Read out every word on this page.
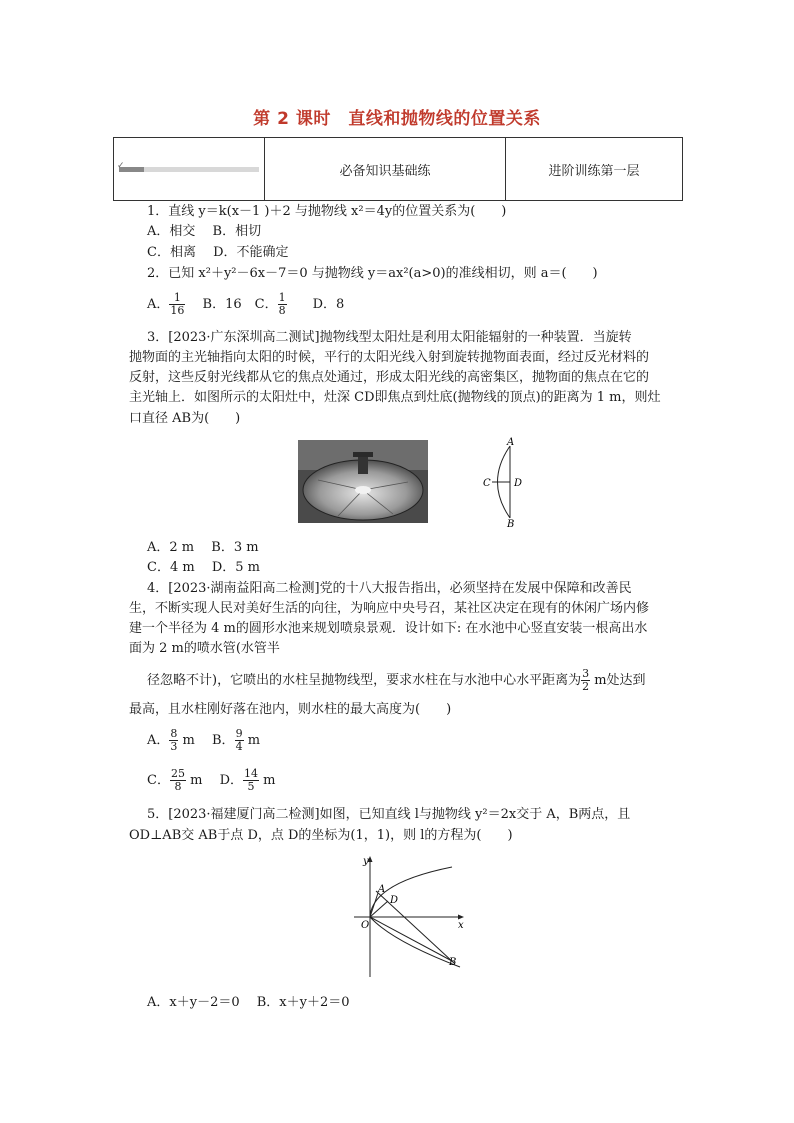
第 2 课时　直线和抛物线的位置关系
✓	必备知识基础练	进阶训练第一层
1．直线 y＝k(x－1 )＋2 与抛物线 x²＝4y的位置关系为(　　)
A．相交　 B．相切
C．相离　 D．不能确定
2．已知 x²＋y²－6x－7＝0 与抛物线 y＝ax²(a>0)的准线相切，则 a＝(　　)
A． $\frac{1}{16}$
　 B．16　 C． $\frac{1}{8}$
　　 D．8
3．[2023·广东深圳高二测试]抛物线型太阳灶是利用太阳能辐射的一种装置．当旋转
抛物面的主光轴指向太阳的时候，平行的太阳光线入射到旋转抛物面表面，经过反光材料的
反射，这些反射光线都从它的焦点处通过，形成太阳光线的高密集区，抛物面的焦点在它的
主光轴上．如图所示的太阳灶中，灶深 CD即焦点到灶底(抛物线的顶点)的距离为 1 m，则灶
口直径 AB为(　　)
A
B
C D
A．2 m　 B．3 m
C．4 m　 D．5 m
4．[2023·湖南益阳高二检测]党的十八大报告指出，必须坚持在发展中保障和改善民
生，不断实现人民对美好生活的向往，为响应中央号召，某社区决定在现有的休闲广场内修
建一个半径为 4 m的圆形水池来规划喷泉景观．设计如下: 在水池中心竖直安装一根高出水
面为 2 m的喷水管(水管半
径忽略不计)，它喷出的水柱呈抛物线型，要求水柱在与水池中心水平距离为 $\frac{3}{2}$ m处达到
最高，且水柱刚好落在池内，则水柱的最大高度为(　　)
A． $\frac{8}{3}$ m　 B． $\frac{9}{4}$ m
C． $\frac{25}{8}$ m　 D． $\frac{14}{5}$ m
5．[2023·福建厦门高二检测]如图，已知直线 l与抛物线 y²＝2x交于 A，B两点，且
OD⊥AB交 AB于点 D，点 D的坐标为(1，1)，则 l的方程为(　　)
y
x
O
A
D
B
A．x＋y－2＝0　 B．x＋y＋2＝0
